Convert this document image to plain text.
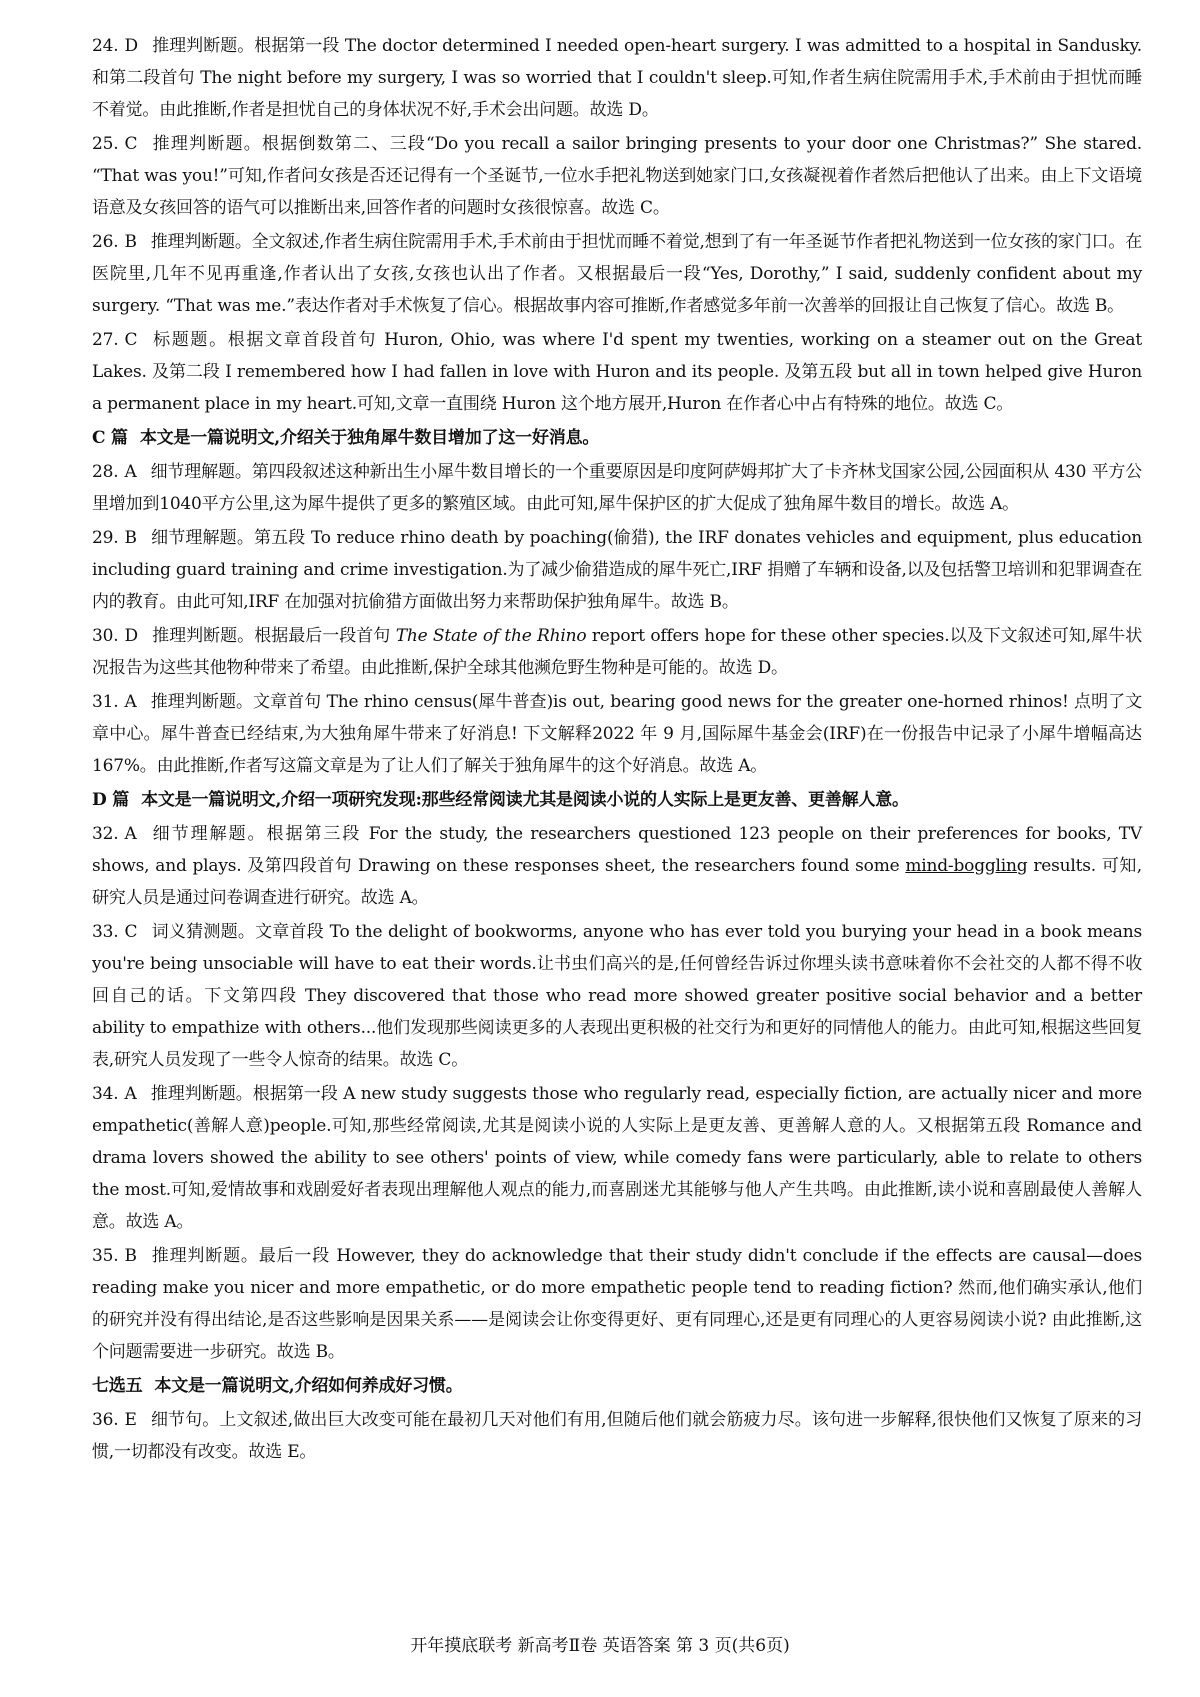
24. D 推理判断题。根据第一段 The doctor determined I needed open-heart surgery. I was admitted to a hospital in Sandusky.和第二段首句 The night before my surgery, I was so worried that I couldn't sleep.可知,作者生病住院需用手术,手术前由于担忧而睡不着觉。由此推断,作者是担忧自己的身体状况不好,手术会出问题。故选 D。
25. C 推理判断题。根据倒数第二、三段“Do you recall a sailor bringing presents to your door one Christmas?” She stared. “That was you!”可知,作者问女孩是否还记得有一个圣诞节,一位水手把礼物送到她家门口,女孩凝视着作者然后把他认了出来。由上下文语境语意及女孩回答的语气可以推断出来,回答作者的问题时女孩很惊喜。故选 C。
26. B 推理判断题。全文叙述,作者生病住院需用手术,手术前由于担忧而睡不着觉,想到了有一年圣诞节作者把礼物送到一位女孩的家门口。在医院里,几年不见再重逢,作者认出了女孩,女孩也认出了作者。又根据最后一段“Yes, Dorothy,” I said, suddenly confident about my surgery. “That was me.”表达作者对手术恢复了信心。根据故事内容可推断,作者感觉多年前一次善举的回报让自己恢复了信心。故选 B。
27. C 标题题。根据文章首段首句 Huron, Ohio, was where I'd spent my twenties, working on a steamer out on the Great Lakes. 及第二段 I remembered how I had fallen in love with Huron and its people. 及第五段 but all in town helped give Huron a permanent place in my heart.可知,文章一直围绕 Huron 这个地方展开,Huron 在作者心中占有特殊的地位。故选 C。
C 篇 本文是一篇说明文,介绍关于独角犀牛数目增加了这一好消息。
28. A 细节理解题。第四段叙述这种新出生小犀牛数目增长的一个重要原因是印度阿萨姆邦扩大了卡齐林戈国家公园,公园面积从 430 平方公里增加到1040平方公里,这为犀牛提供了更多的繁殖区域。由此可知,犀牛保护区的扩大促成了独角犀牛数目的增长。故选 A。
29. B 细节理解题。第五段 To reduce rhino death by poaching(偷猎), the IRF donates vehicles and equipment, plus education including guard training and crime investigation.为了减少偷猎造成的犀牛死亡,IRF 捐赠了车辆和设备,以及包括警卫培训和犯罪调查在内的教育。由此可知,IRF 在加强对抗偷猎方面做出努力来帮助保护独角犀牛。故选 B。
30. D 推理判断题。根据最后一段首句 The State of the Rhino report offers hope for these other species.以及下文叙述可知,犀牛状况报告为这些其他物种带来了希望。由此推断,保护全球其他濒危野生物种是可能的。故选 D。
31. A 推理判断题。文章首句 The rhino census(犀牛普查)is out, bearing good news for the greater one-horned rhinos! 点明了文章中心。犀牛普查已经结束,为大独角犀牛带来了好消息! 下文解释2022 年 9 月,国际犀牛基金会(IRF)在一份报告中记录了小犀牛增幅高达 167%。由此推断,作者写这篇文章是为了让人们了解关于独角犀牛的这个好消息。故选 A。
D 篇 本文是一篇说明文,介绍一项研究发现:那些经常阅读尤其是阅读小说的人实际上是更友善、更善解人意。
32. A 细节理解题。根据第三段 For the study, the researchers questioned 123 people on their preferences for books, TV shows, and plays. 及第四段首句 Drawing on these responses sheet, the researchers found some mind-boggling results. 可知,研究人员是通过问卷调查进行研究。故选 A。
33. C 词义猜测题。文章首段 To the delight of bookworms, anyone who has ever told you burying your head in a book means you're being unsociable will have to eat their words.让书虫们高兴的是,任何曾经告诉过你埋头读书意味着你不会社交的人都不得不收回自己的话。下文第四段 They discovered that those who read more showed greater positive social behavior and a better ability to empathize with others...他们发现那些阅读更多的人表现出更积极的社交行为和更好的同情他人的能力。由此可知,根据这些回复表,研究人员发现了一些令人惊奇的结果。故选 C。
34. A 推理判断题。根据第一段 A new study suggests those who regularly read, especially fiction, are actually nicer and more empathetic(善解人意)people.可知,那些经常阅读,尤其是阅读小说的人实际上是更友善、更善解人意的人。又根据第五段 Romance and drama lovers showed the ability to see others' points of view, while comedy fans were particularly, able to relate to others the most.可知,爱情故事和戏剧爱好者表现出理解他人观点的能力,而喜剧迷尤其能够与他人产生共鸣。由此推断,读小说和喜剧最使人善解人意。故选 A。
35. B 推理判断题。最后一段 However, they do acknowledge that their study didn't conclude if the effects are causal—does reading make you nicer and more empathetic, or do more empathetic people tend to reading fiction? 然而,他们确实承认,他们的研究并没有得出结论,是否这些影响是因果关系——是阅读会让你变得更好、更有同理心,还是更有同理心的人更容易阅读小说? 由此推断,这个问题需要进一步研究。故选 B。
七选五 本文是一篇说明文,介绍如何养成好习惯。
36. E 细节句。上文叙述,做出巨大改变可能在最初几天对他们有用,但随后他们就会筋疲力尽。该句进一步解释,很快他们又恢复了原来的习惯,一切都没有改变。故选 E。
开年摸底联考 新高考Ⅱ卷 英语答案 第 3 页(共6页)
